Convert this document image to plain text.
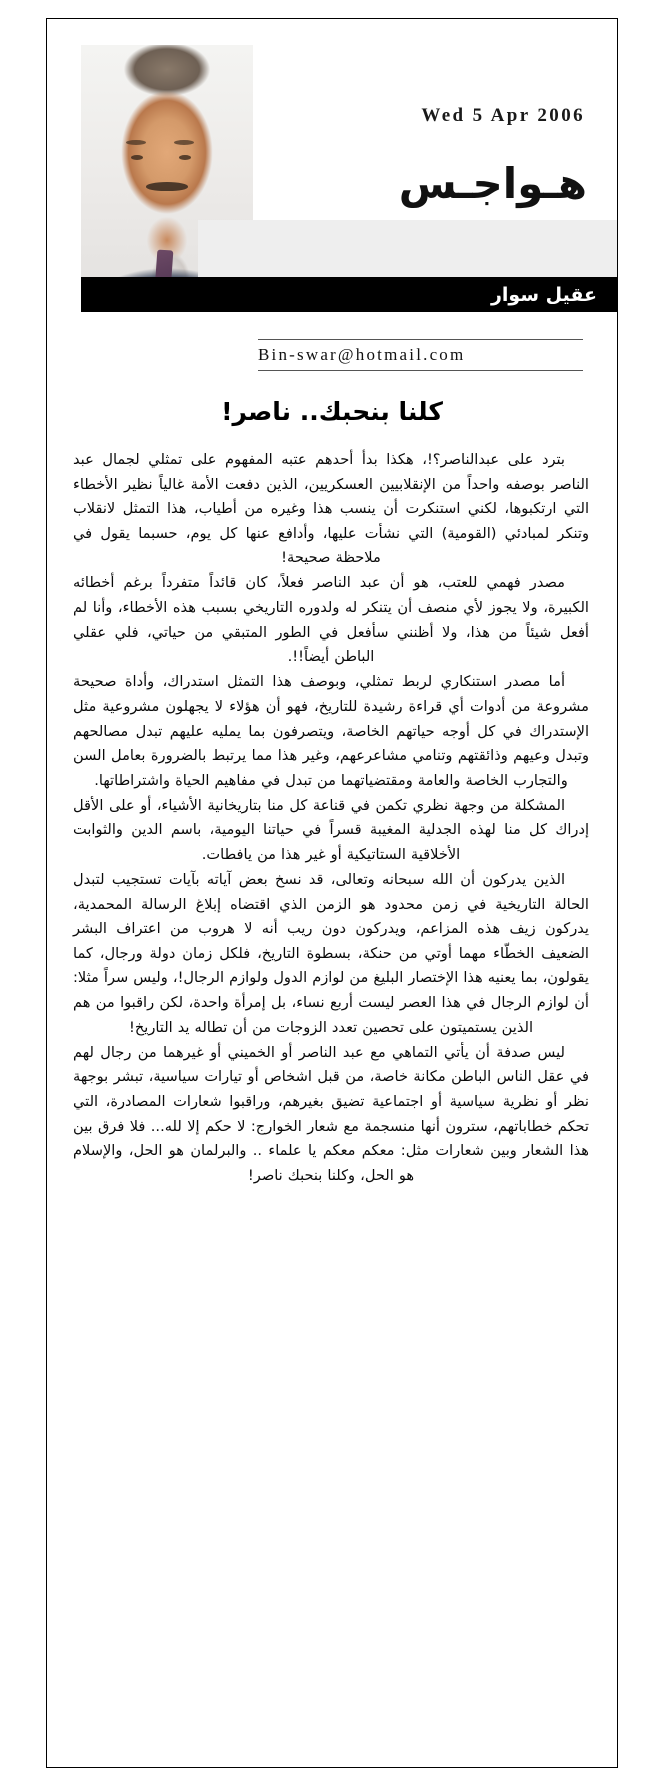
Wed 5 Apr 2006
هـواجـس
عقيل سوار
Bin-swar@hotmail.com
كلنا بنحبك.. ناصر!

بترد على عبدالناصر؟!، هكذا بدأ أحدهم عتبه المفهوم على تمثلي لجمال عبد الناصر بوصفه واحداً من الإنقلابيين العسكريين، الذين دفعت الأمة غالياً نظير الأخطاء التي ارتكبوها، لكني استنكرت أن ينسب هذا وغيره من أطياب، هذا التمثل لانقلاب وتنكر لمبادئي (القومية) التي نشأت عليها، وأدافع عنها كل يوم، حسبما يقول في ملاحظة صحيحة!

مصدر فهمي للعتب، هو أن عبد الناصر فعلاً، كان قائداً متفرداً برغم أخطائه الكبيرة، ولا يجوز لأي منصف أن يتنكر له ولدوره التاريخي بسبب هذه الأخطاء، وأنا لم أفعل شيئاً من هذا، ولا أظنني سأفعل في الطور المتبقي من حياتي، فلي عقلي الباطن أيضاً!!.

أما مصدر استنكاري لربط تمثلي، وبوصف هذا التمثل استدراك، وأداة صحيحة مشروعة من أدوات أي قراءة رشيدة للتاريخ، فهو أن هؤلاء لا يجهلون مشروعية مثل الإستدراك في كل أوجه حياتهم الخاصة، ويتصرفون بما يمليه عليهم تبدل مصالحهم وتبدل وعيهم وذائقتهم وتنامي مشاعرعهم، وغير هذا مما يرتبط بالضرورة بعامل السن والتجارب الخاصة والعامة ومقتضياتهما من تبدل في مفاهيم الحياة واشتراطاتها.

المشكلة من وجهة نظري تكمن في قناعة كل منا بتاريخانية الأشياء، أو على الأقل إدراك كل منا لهذه الجدلية المغيبة قسراً في حياتنا اليومية، باسم الدين والثوابت الأخلاقية الستاتيكية أو غير هذا من يافطات.

الذين يدركون أن الله سبحانه وتعالى، قد نسخ بعض آياته بآيات تستجيب لتبدل الحالة التاريخية في زمن محدود هو الزمن الذي اقتضاه إبلاغ الرسالة المحمدية، يدركون زيف هذه المزاعم، ويدركون دون ريب أنه لا هروب من اعتراف البشر الضعيف الخطّاء مهما أوتي من حنكة، بسطوة التاريخ، فلكل زمان دولة ورجال، كما يقولون، بما يعنيه هذا الإختصار البليغ من لوازم الدول ولوازم الرجال!، وليس سراً مثلا: أن لوازم الرجال في هذا العصر ليست أربع نساء، بل إمرأة واحدة، لكن راقبوا من هم الذين يستميتون على تحصين تعدد الزوجات من أن تطاله يد التاريخ!

ليس صدفة أن يأتي التماهي مع عبد الناصر أو الخميني أو غيرهما من رجال لهم في عقل الناس الباطن مكانة خاصة، من قبل اشخاص أو تيارات سياسية، تبشر بوجهة نظر أو نظرية سياسية أو اجتماعية تضيق بغيرهم، وراقبوا شعارات المصادرة، التي تحكم خطاباتهم، سترون أنها منسجمة مع شعار الخوارج: لا حكم إلا لله... فلا فرق بين هذا الشعار وبين شعارات مثل: معكم معكم يا علماء .. والبرلمان هو الحل، والإسلام هو الحل، وكلنا بنحبك ناصر!
